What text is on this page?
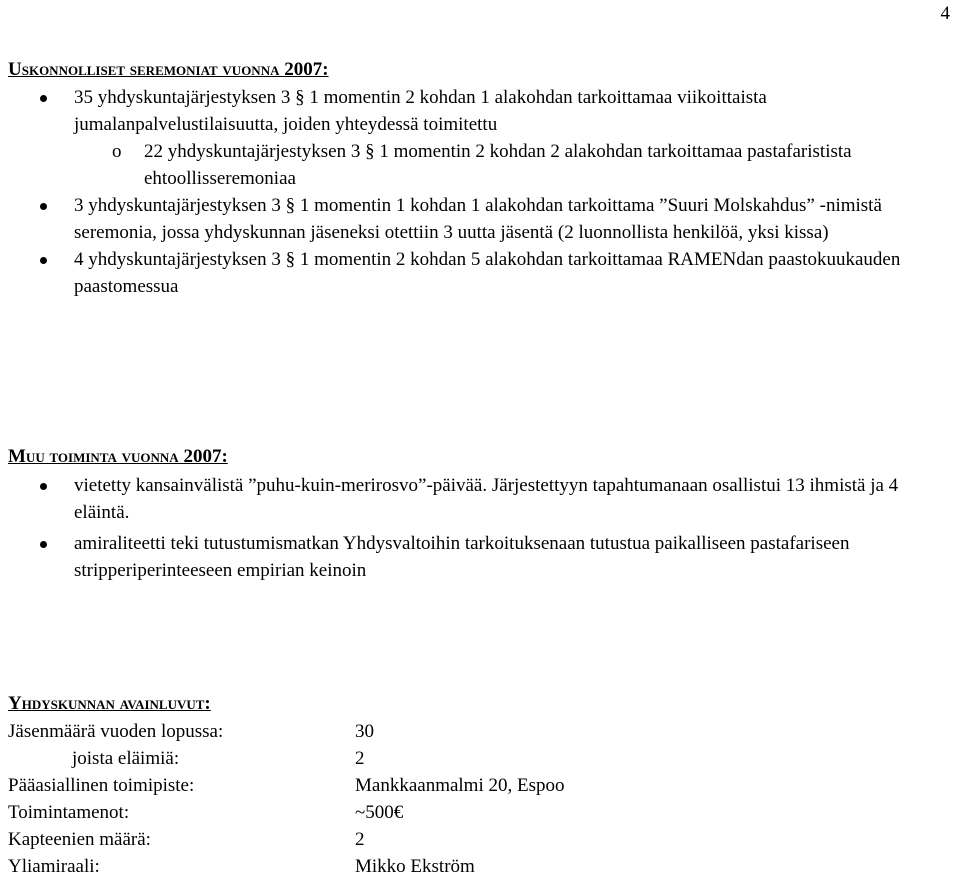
4
Uskonnolliset seremoniat vuonna 2007:
35 yhdyskuntajärjestyksen 3 § 1 momentin 2 kohdan 1 alakohdan tarkoittamaa viikoittaista jumalanpalvelustilaisuutta, joiden yhteydessä toimitettu
o 22 yhdyskuntajärjestyksen 3 § 1 momentin 2 kohdan 2 alakohdan tarkoittamaa pastafaristista ehtoollisseremoniaa
3 yhdyskuntajärjestyksen 3 § 1 momentin 1 kohdan 1 alakohdan tarkoittama ”Suuri Molskahdus” -nimistä seremonia, jossa yhdyskunnan jäseneksi otettiin 3 uutta jäsentä (2 luonnollista henkilöä, yksi kissa)
4 yhdyskuntajärjestyksen 3 § 1 momentin 2 kohdan 5 alakohdan tarkoittamaa RAMENdan paastokuukauden paastomessua
Muu toiminta vuonna 2007:
vietetty kansainvälistä ”puhu-kuin-merirosvo”-päivää. Järjestettyyn tapahtumanaan osallistui 13 ihmistä ja 4 eläintä.
amiraliteetti teki tutustumismatkan Yhdysvaltoihin tarkoituksenaan tutustua paikalliseen pastafariseen stripperiperinteeseen empirian keinoin
Yhdyskunnan avainluvut:
Jäsenmäärä vuoden lopussa:	30
joista eläimiä:	2
Pääasiallinen toimipiste:	Mankkaanmalmi 20, Espoo
Toimintamenot:	~500€
Kapteenien määrä:	2
Yliamiraali:	Mikko Ekström
